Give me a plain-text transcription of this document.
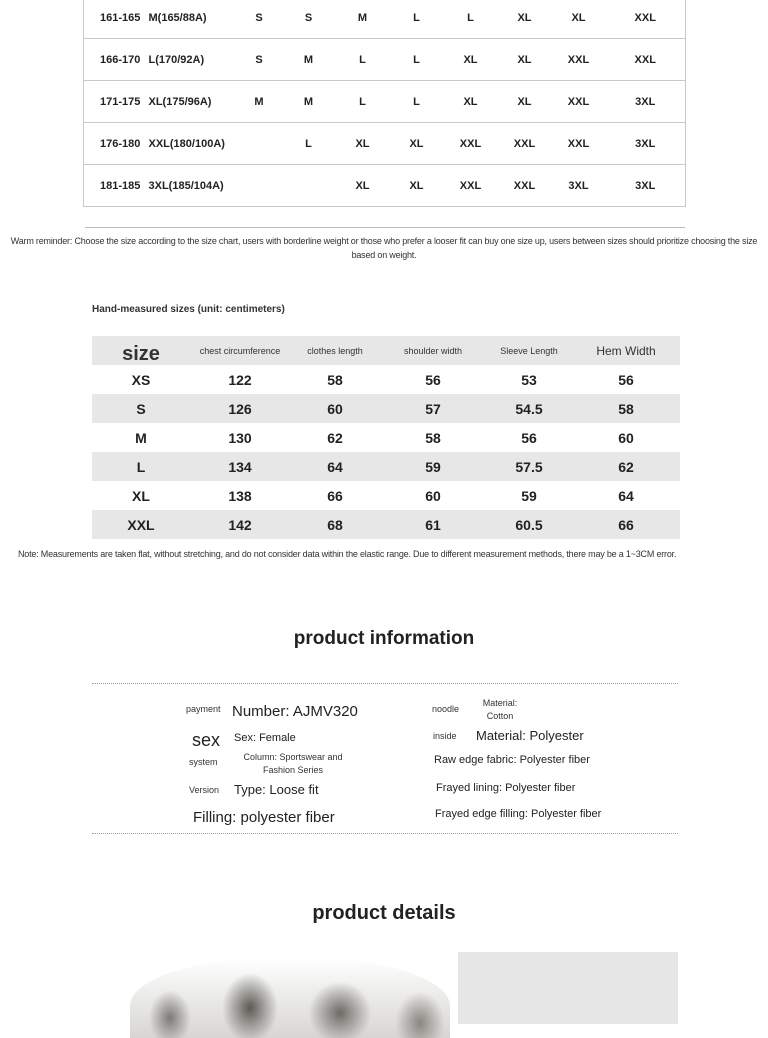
161-165	M(165/88A)	S	S	M	L	L	XL	XL	XXL
166-170	L(170/92A)	S	M	L	L	XL	XL	XXL	XXL
171-175	XL(175/96A)	M	M	L	L	XL	XL	XXL	3XL
176-180	XXL(180/100A)		L	XL	XL	XXL	XXL	XXL	3XL
181-185	3XL(185/104A)			XL	XL	XXL	XXL	3XL	3XL
Warm reminder: Choose the size according to the size chart, users with borderline weight or those who prefer a looser fit can buy one size up, users between sizes should prioritize choosing the size based on weight.
Hand-measured sizes (unit: centimeters)
size	chest circumference	clothes length	shoulder width	Sleeve Length	Hem Width
XS	122	58	56	53	56
S	126	60	57	54.5	58
M	130	62	58	56	60
L	134	64	59	57.5	62
XL	138	66	60	59	64
XXL	142	68	61	60.5	66
Note: Measurements are taken flat, without stretching, and do not consider data within the elastic range. Due to different measurement methods, there may be a 1~3CM error.
product information
payment Number: AJMV320
sex Sex: Female
system	Column: Sportswear and Fashion Series
Version Type: Loose fit
Filling: polyester fiber
noodle
Material: Cotton
inside Material: Polyester
Raw edge fabric: Polyester fiber
Frayed lining: Polyester fiber
Frayed edge filling: Polyester fiber
product details
